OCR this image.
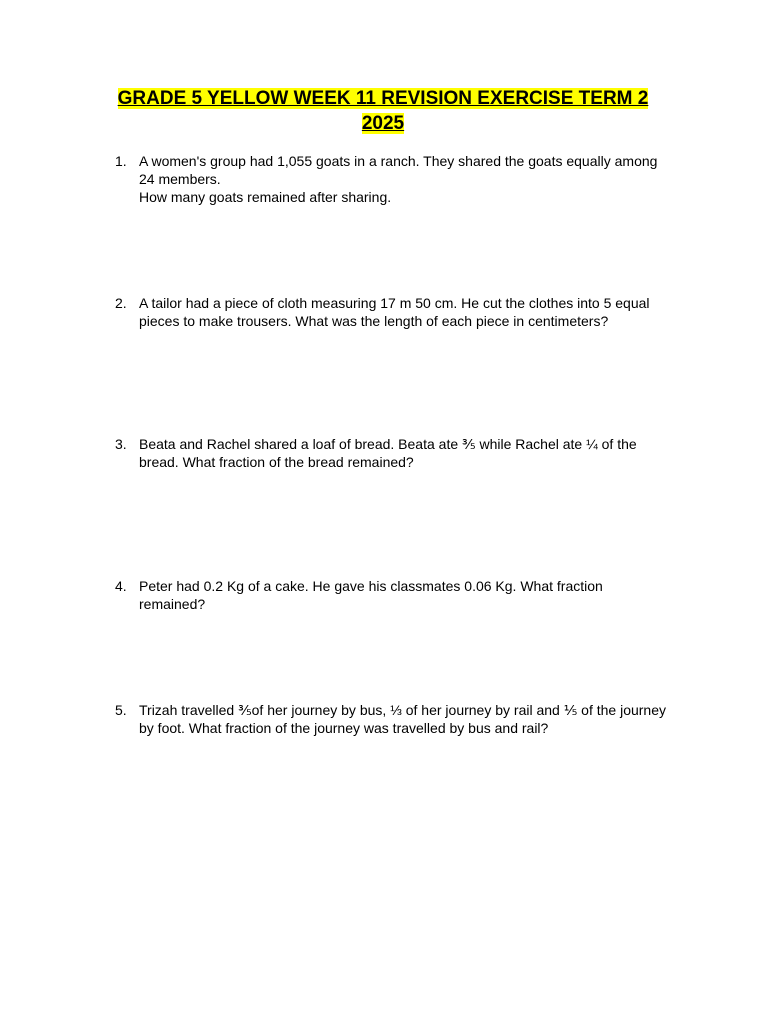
GRADE 5 YELLOW WEEK 11 REVISION EXERCISE TERM 2
2025
1. A women's group had 1,055 goats in a ranch. They shared the goats equally among
24 members.
How many goats remained after sharing.
2. A tailor had a piece of cloth measuring 17 m 50 cm. He cut the clothes into 5 equal
pieces to make trousers. What was the length of each piece in centimeters?
3. Beata and Rachel shared a loaf of bread. Beata ate ⅗ while Rachel ate ¼ of the
bread. What fraction of the bread remained?
4. Peter had 0.2 Kg of a cake. He gave his classmates 0.06 Kg. What fraction
remained?
5. Trizah travelled ⅗of her journey by bus, ⅓ of her journey by rail and ⅕ of the journey
by foot. What fraction of the journey was travelled by bus and rail?
